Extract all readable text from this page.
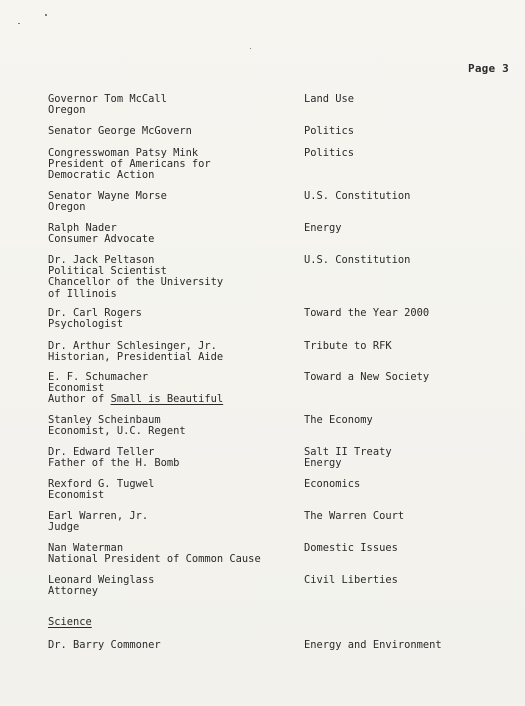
Page 3
Governor Tom McCall
Oregon
Land Use
Senator George McGovern	Politics
Congresswoman Patsy Mink
President of Americans for
Democratic Action
Politics
Senator Wayne Morse
Oregon
U.S. Constitution
Ralph Nader
Consumer Advocate
Energy
Dr. Jack Peltason
Political Scientist
Chancellor of the University
of Illinois
U.S. Constitution
Dr. Carl Rogers
Psychologist
Toward the Year 2000
Dr. Arthur Schlesinger, Jr.
Historian, Presidential Aide
Tribute to RFK
E. F. Schumacher
Economist
Author of Small is Beautiful
Toward a New Society
Stanley Scheinbaum
Economist, U.C. Regent
The Economy
Dr. Edward Teller
Father of the H. Bomb
Salt II Treaty
Energy
Rexford G. Tugwel
Economist
Economics
Earl Warren, Jr.
Judge
The Warren Court
Nan Waterman
National President of Common Cause
Domestic Issues
Leonard Weinglass
Attorney
Civil Liberties
Science
Dr. Barry Commoner	Energy and Environment
